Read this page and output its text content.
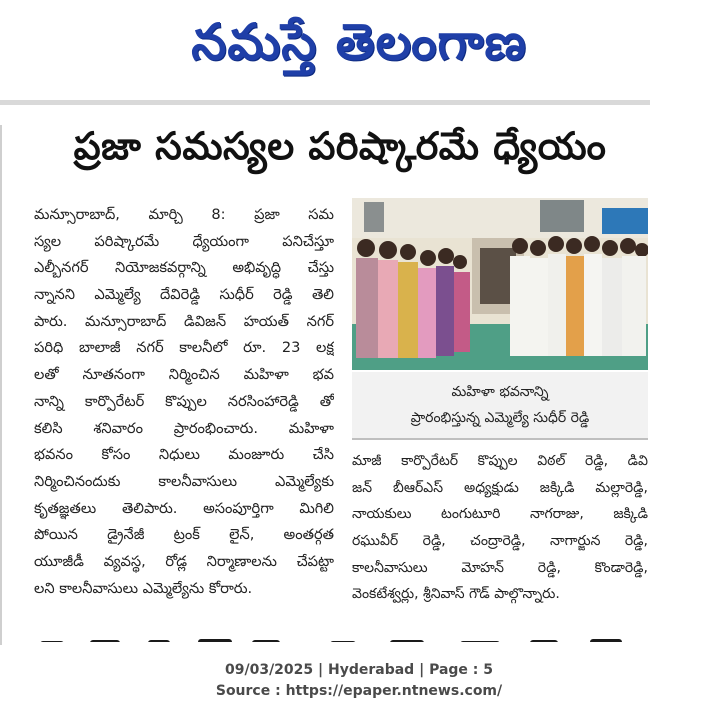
నమస్తే తెలంగాణ
ప్రజా సమస్యల పరిష్కారమే ధ్యేయం
మన్సూరాబాద్, మార్చి 8: ప్రజా సమ
స్యల పరిష్కారమే ధ్యేయంగా పనిచేస్తూ
ఎల్బీనగర్ నియోజకవర్గాన్ని అభివృద్ధి చేస్తు
న్నానని ఎమ్మెల్యే దేవిరెడ్డి సుధీర్ రెడ్డి తెలి
పారు. మన్సూరాబాద్ డివిజన్ హయత్ నగర్
పరిధి బాలాజీ నగర్ కాలనీలో రూ. 23 లక్ష
లతో నూతనంగా నిర్మించిన మహిళా భవ
నాన్ని కార్పొరేటర్ కొప్పుల నరసింహారెడ్డి తో
కలిసి శనివారం ప్రారంభించారు. మహిళా
భవనం కోసం నిధులు మంజూరు చేసి
నిర్మించినందుకు కాలనీవాసులు ఎమ్మెల్యేకు
కృతజ్ఞతలు తెలిపారు. అసంపూర్తిగా మిగిలి
పోయిన డ్రైనేజీ ట్రంక్ లైన్, అంతర్గత
యూజీడీ వ్యవస్థ, రోడ్ల నిర్మాణాలను చేపట్టా
లని కాలనీవాసులు ఎమ్మెల్యేను కోరారు.
మహిళా భవనాన్ని
ప్రారంభిస్తున్న ఎమ్మెల్యే సుధీర్ రెడ్డి
మాజీ కార్పొరేటర్ కొప్పుల విఠల్ రెడ్డి, డివి
జన్ బీఆర్ఎస్ అధ్యక్షుడు జక్కిడి మల్లారెడ్డి,
నాయకులు టంగుటూరి నాగరాజు, జక్కిడి
రఘువీర్ రెడ్డి, చంద్రారెడ్డి, నాగార్జున రెడ్డి,
కాలనీవాసులు మోహన్ రెడ్డి, కొండారెడ్డి,
వెంకటేశ్వర్లు, శ్రీనివాస్ గౌడ్ పాల్గొన్నారు.
09/03/2025 | Hyderabad | Page : 5
Source : https://epaper.ntnews.com/
